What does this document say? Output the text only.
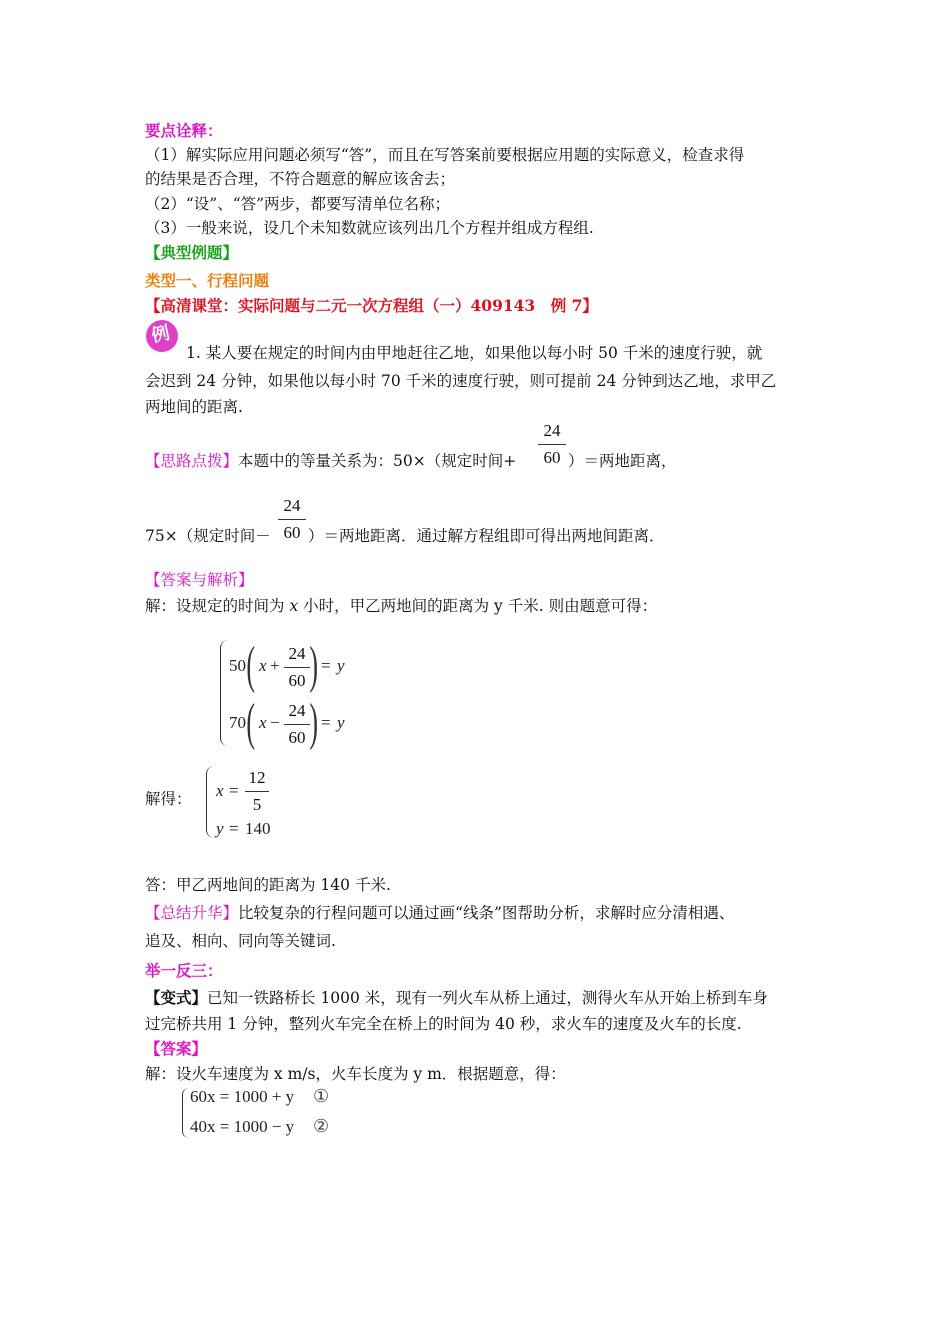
要点诠释：
（1）解实际应用问题必须写“答”，而且在写答案前要根据应用题的实际意义，检查求得
的结果是否合理，不符合题意的解应该舍去；
（2）“设”、“答”两步，都要写清单位名称；
（3）一般来说，设几个未知数就应该列出几个方程并组成方程组.
【典型例题】
类型一、行程问题
【高清课堂：实际问题与二元一次方程组（一）409143　例 7】
例
1. 某人要在规定的时间内由甲地赶往乙地，如果他以每小时 50 千米的速度行驶，就
会迟到 24 分钟，如果他以每小时 70 千米的速度行驶，则可提前 24 分钟到达乙地，求甲乙
两地间的距离.
【思路点拨】本题中的等量关系为：50×（规定时间+
24
60 ）＝两地距离，
75×（规定时间－
24
60 ）＝两地距离．通过解方程组即可得出两地间距离．
【答案与解析】
解：设规定的时间为 x 小时，甲乙两地间的距离为 y 千米. 则由题意可得：
50 ( x +
24
60 ) = y
70 ( x −
24
60 ) = y
解得： x =
12
5
y = 140
答：甲乙两地间的距离为 140 千米.
【总结升华】比较复杂的行程问题可以通过画“线条”图帮助分析，求解时应分清相遇、
追及、相向、同向等关键词.
举一反三：
【变式】已知一铁路桥长 1000 米，现有一列火车从桥上通过，测得火车从开始上桥到车身
过完桥共用 1 分钟，整列火车完全在桥上的时间为 40 秒，求火车的速度及火车的长度.
【答案】
解：设火车速度为 x m/s，火车长度为 y m．根据题意，得：
60x = 1000 + y ①
40x = 1000 − y ②
